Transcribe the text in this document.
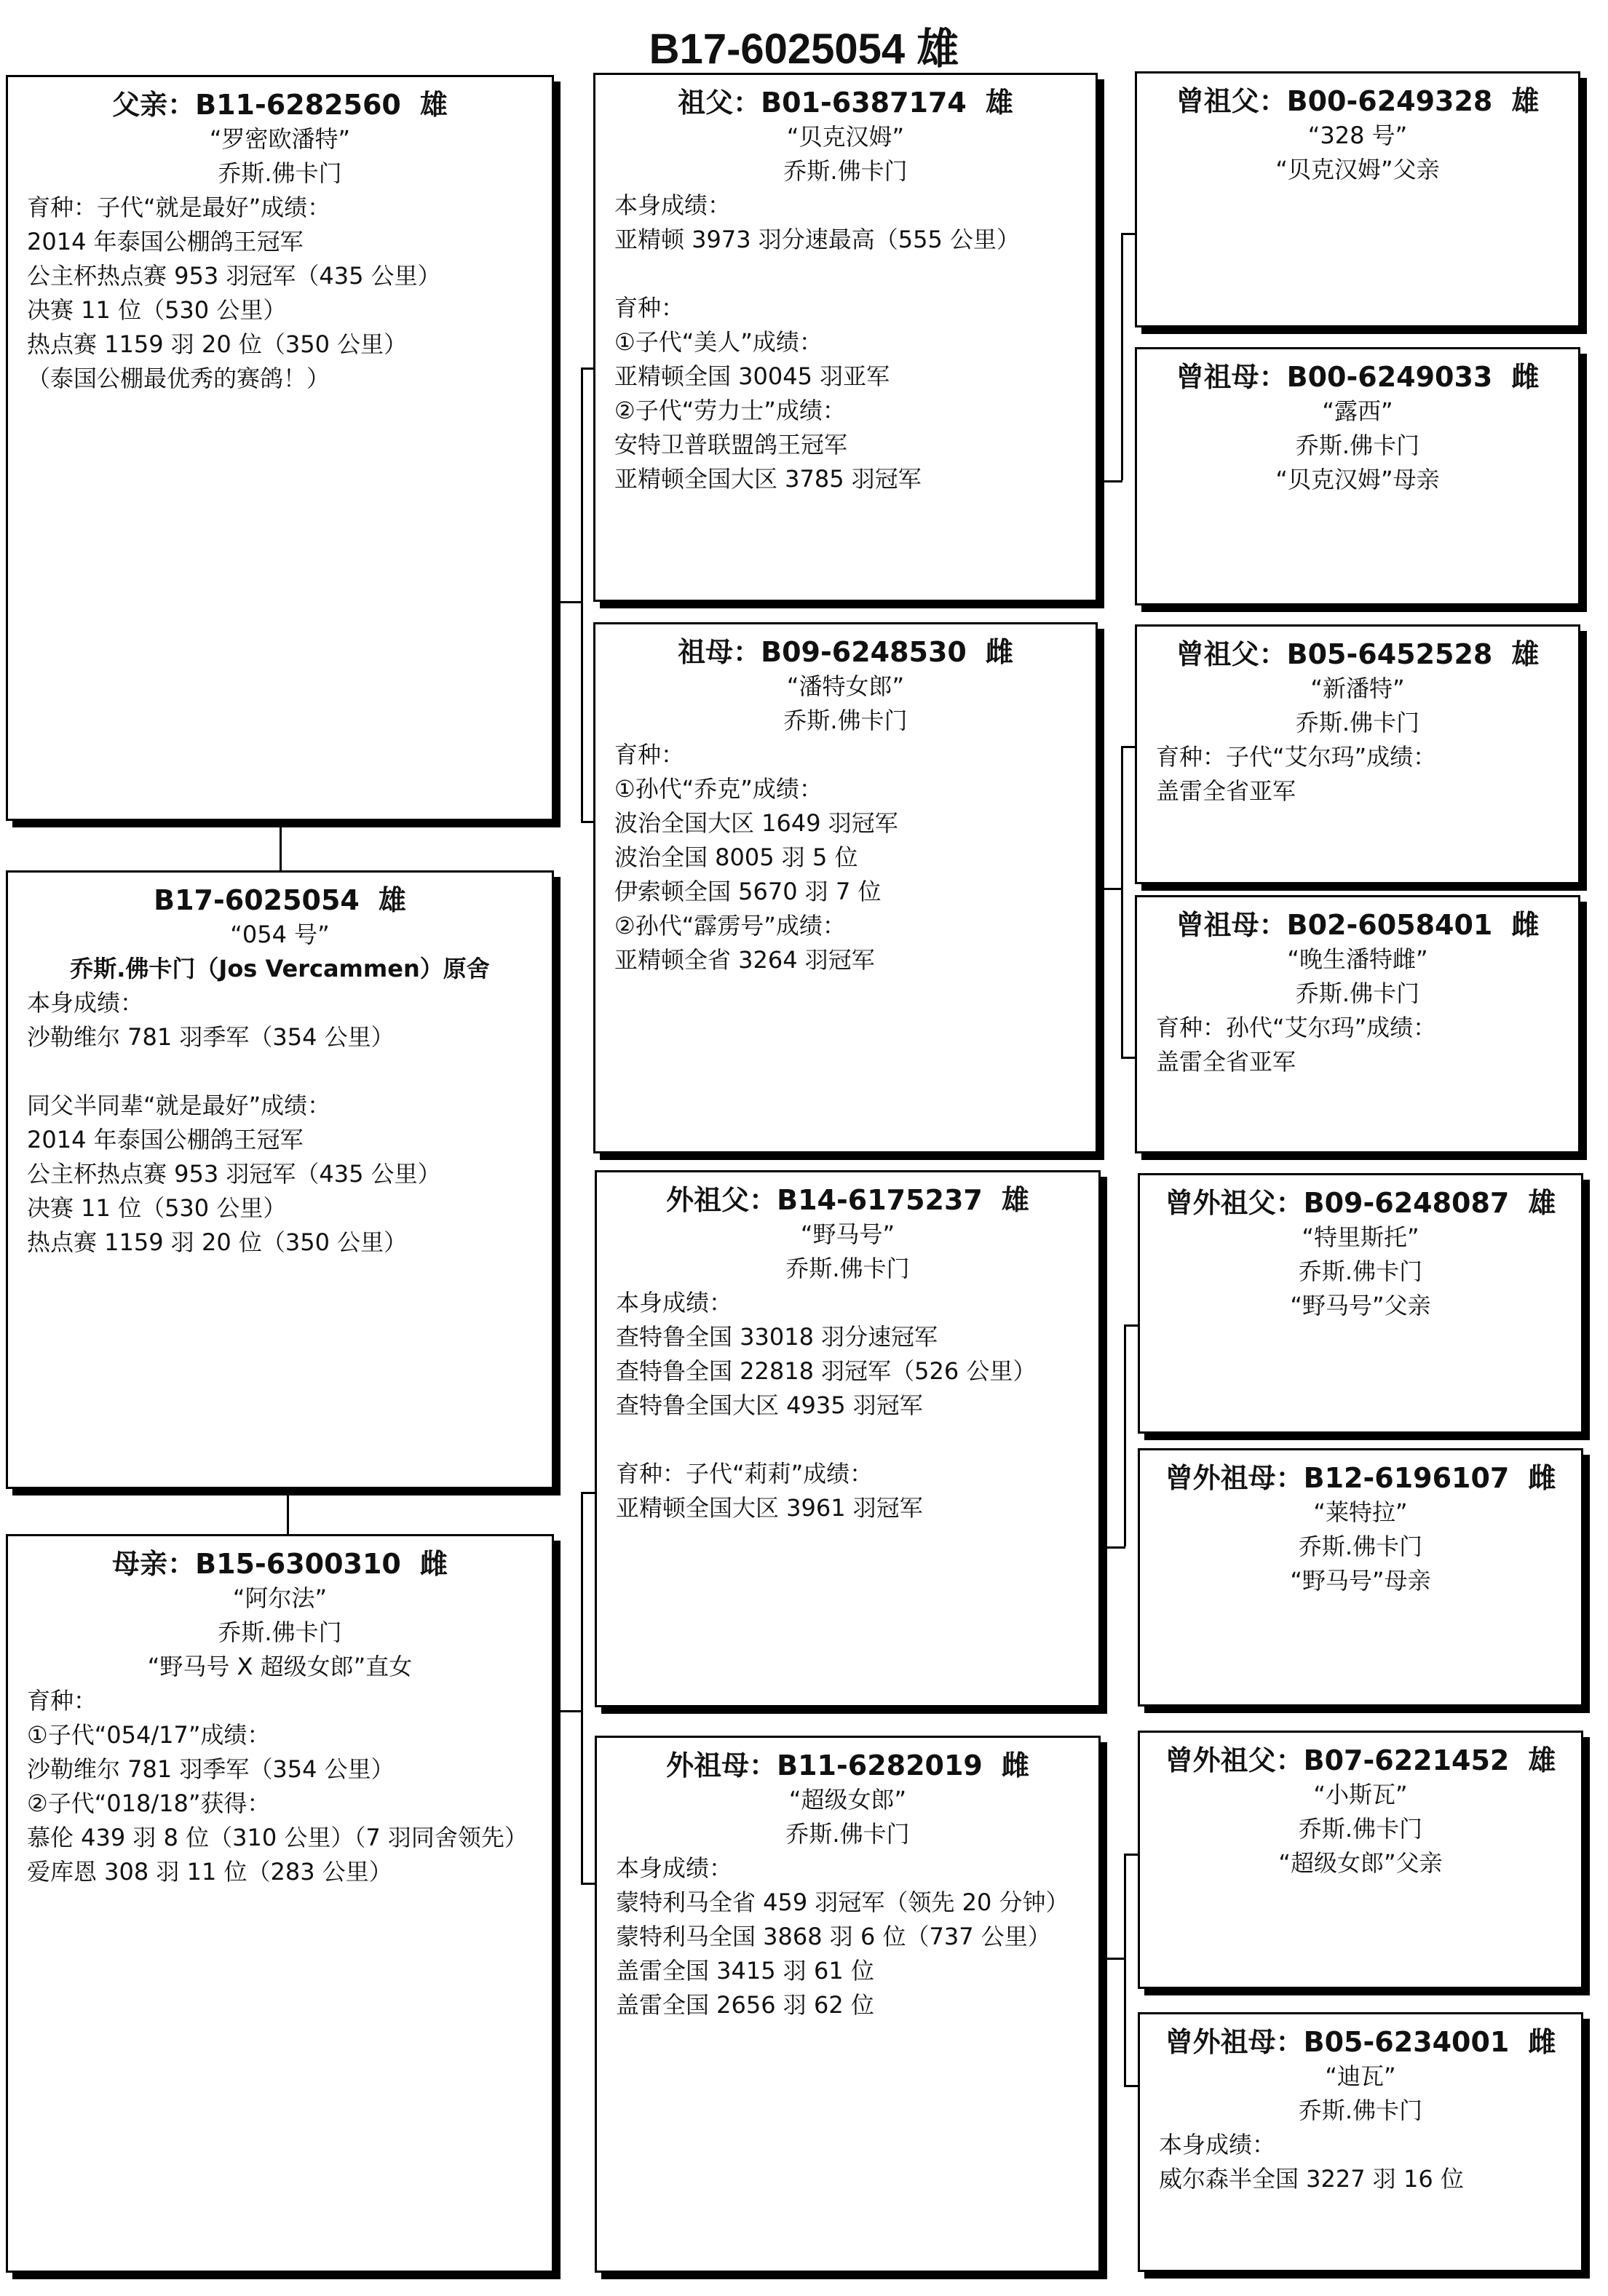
B17-6025054 雄
父亲：B11-6282560 雄
“罗密欧潘特”
乔斯.佛卡门
育种：子代“就是最好”成绩：
2014 年泰国公棚鸽王冠军
公主杯热点赛 953 羽冠军（435 公里）
决赛 11 位（530 公里）
热点赛 1159 羽 20 位（350 公里）
（泰国公棚最优秀的赛鸽！）
B17-6025054 雄
“054 号”
乔斯.佛卡门（Jos Vercammen）原舍
本身成绩：
沙勒维尔 781 羽季军（354 公里）
同父半同辈“就是最好”成绩：
2014 年泰国公棚鸽王冠军
公主杯热点赛 953 羽冠军（435 公里）
决赛 11 位（530 公里）
热点赛 1159 羽 20 位（350 公里）
母亲：B15-6300310 雌
“阿尔法”
乔斯.佛卡门
“野马号 X 超级女郎”直女
育种：
①子代“054/17”成绩：
沙勒维尔 781 羽季军（354 公里）
②子代“018/18”获得：
慕伦 439 羽 8 位（310 公里）（7 羽同舍领先）
爱库恩 308 羽 11 位（283 公里）
祖父：B01-6387174 雄
“贝克汉姆”
乔斯.佛卡门
本身成绩：
亚精顿 3973 羽分速最高（555 公里）
育种：
①子代“美人”成绩：
亚精顿全国 30045 羽亚军
②子代“劳力士”成绩：
安特卫普联盟鸽王冠军
亚精顿全国大区 3785 羽冠军
祖母：B09-6248530 雌
“潘特女郎”
乔斯.佛卡门
育种：
①孙代“乔克”成绩：
波治全国大区 1649 羽冠军
波治全国 8005 羽 5 位
伊索顿全国 5670 羽 7 位
②孙代“霹雳号”成绩：
亚精顿全省 3264 羽冠军
外祖父：B14-6175237 雄
“野马号”
乔斯.佛卡门
本身成绩：
查特鲁全国 33018 羽分速冠军
查特鲁全国 22818 羽冠军（526 公里）
查特鲁全国大区 4935 羽冠军
育种：子代“莉莉”成绩：
亚精顿全国大区 3961 羽冠军
外祖母：B11-6282019 雌
“超级女郎”
乔斯.佛卡门
本身成绩：
蒙特利马全省 459 羽冠军（领先 20 分钟）
蒙特利马全国 3868 羽 6 位（737 公里）
盖雷全国 3415 羽 61 位
盖雷全国 2656 羽 62 位
曾祖父：B00-6249328 雄
“328 号”
“贝克汉姆”父亲
曾祖母：B00-6249033 雌
“露西”
乔斯.佛卡门
“贝克汉姆”母亲
曾祖父：B05-6452528 雄
“新潘特”
乔斯.佛卡门
育种：子代“艾尔玛”成绩：
盖雷全省亚军
曾祖母：B02-6058401 雌
“晚生潘特雌”
乔斯.佛卡门
育种：孙代“艾尔玛”成绩：
盖雷全省亚军
曾外祖父：B09-6248087 雄
“特里斯托”
乔斯.佛卡门
“野马号”父亲
曾外祖母：B12-6196107 雌
“莱特拉”
乔斯.佛卡门
“野马号”母亲
曾外祖父：B07-6221452 雄
“小斯瓦”
乔斯.佛卡门
“超级女郎”父亲
曾外祖母：B05-6234001 雌
“迪瓦”
乔斯.佛卡门
本身成绩：
威尔森半全国 3227 羽 16 位
